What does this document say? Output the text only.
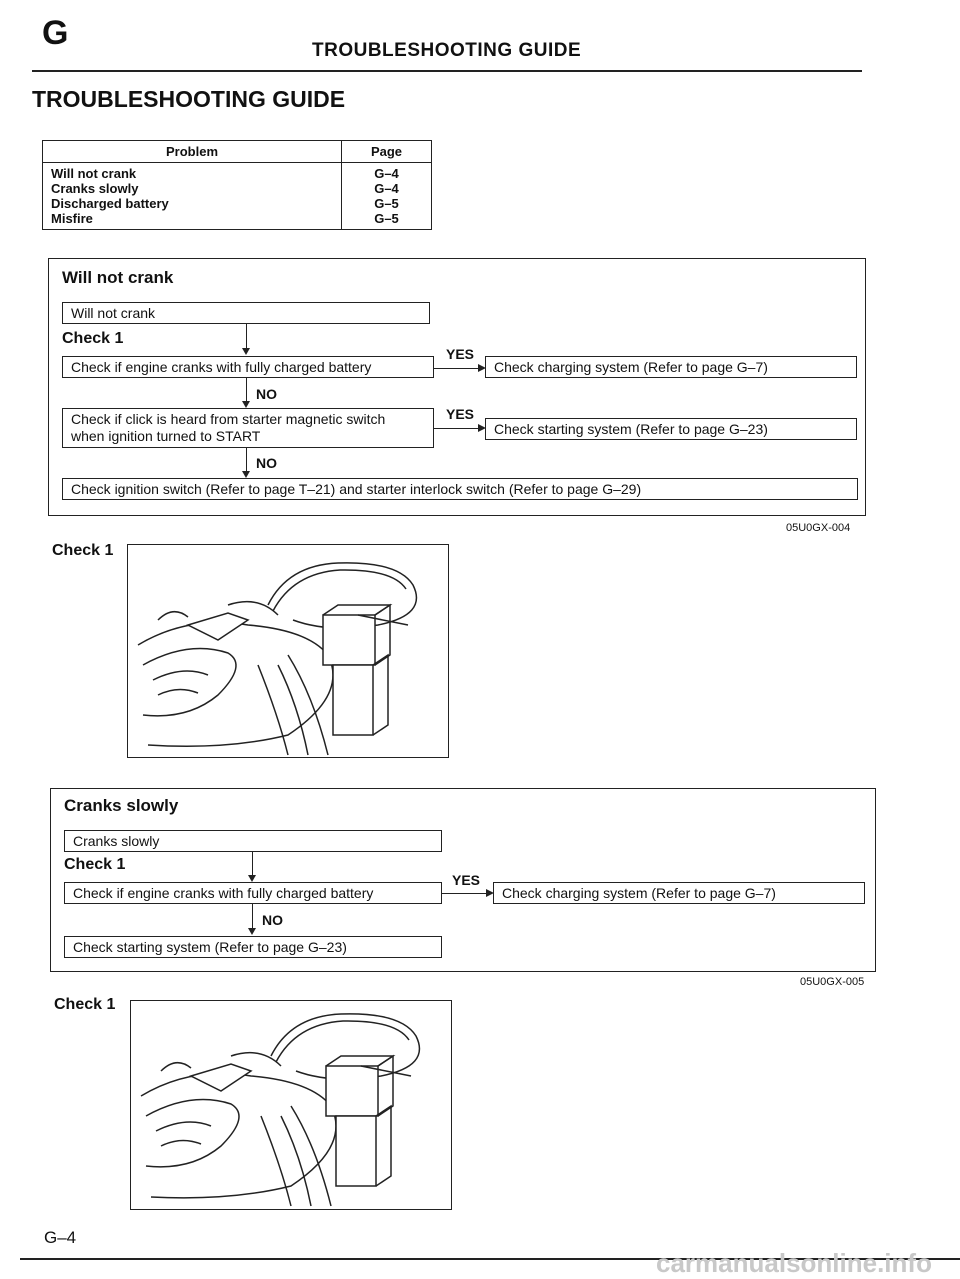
G	TROUBLESHOOTING GUIDE
TROUBLESHOOTING GUIDE
Problem	Page
Will not crank	G–4
Cranks slowly	G–4
Discharged battery	G–5
Misfire	G–5
Will not crank
Will not crank
Check 1
Check if engine cranks with fully charged battery
YES
Check charging system (Refer to page G–7)
NO
Check if click is heard from starter magnetic switch
when ignition turned to START
YES
Check starting system (Refer to page G–23)
NO
Check ignition switch (Refer to page T–21) and starter interlock switch (Refer to page G–29)
05U0GX-004
Check 1
Cranks slowly
Cranks slowly
Check 1
Check if engine cranks with fully charged battery
YES
Check charging system (Refer to page G–7)
NO
Check starting system (Refer to page G–23)
05U0GX-005
Check 1
G–4
carmanualsonline.info
